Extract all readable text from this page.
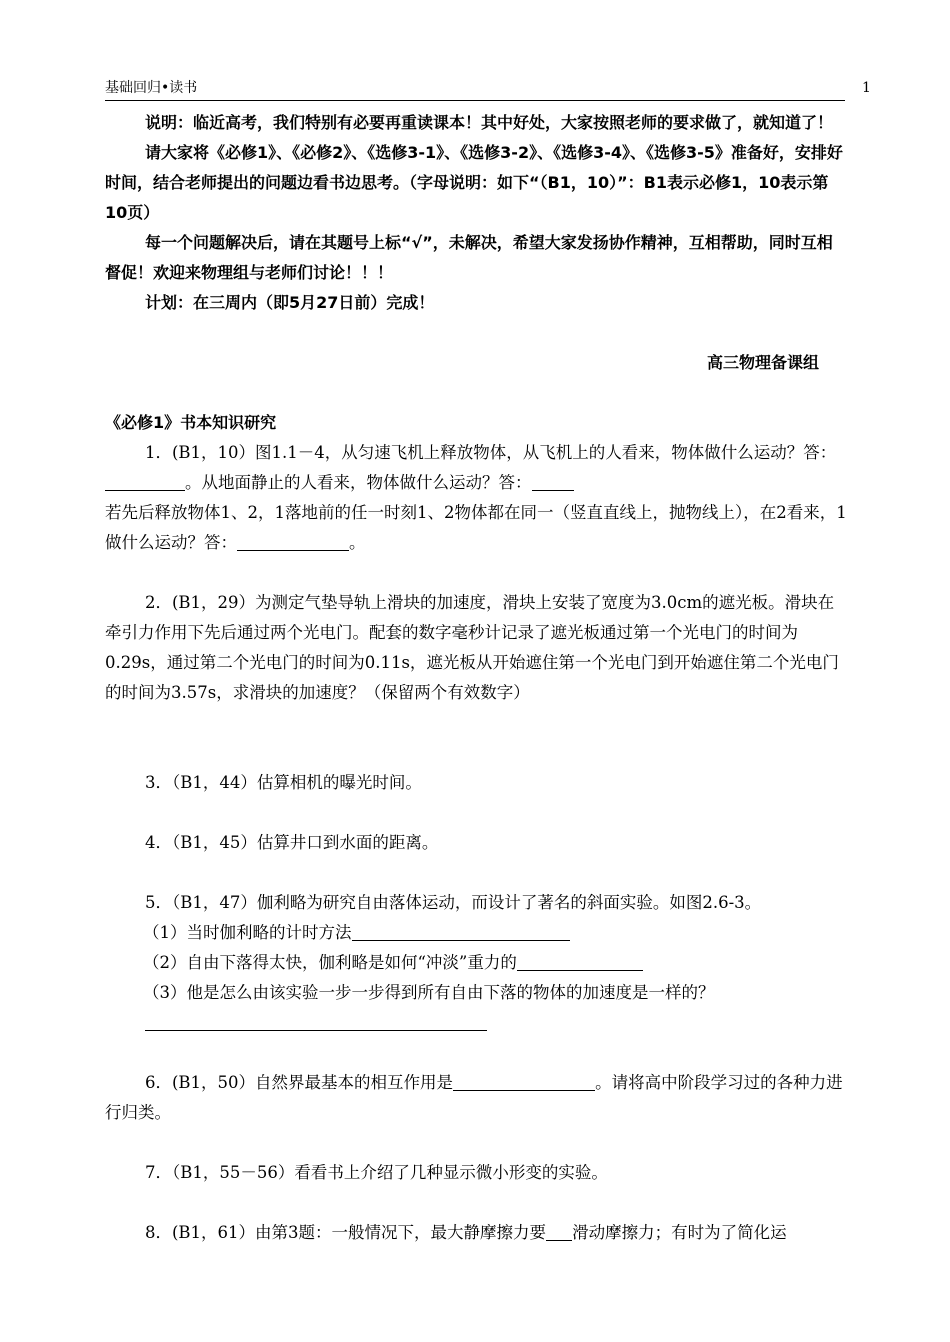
基础回归•读书	1

说明：临近高考，我们特别有必要再重读课本！其中好处，大家按照老师的要求做了，就知道了！

请大家将《必修1》、《必修2》、《选修3-1》、《选修3-2》、《选修3-4》、《选修3-5》准备好，安排好时间，结合老师提出的问题边看书边思考。（字母说明：如下“（B1，10）”：B1表示必修1，10表示第10页）

每一个问题解决后，请在其题号上标“√”，未解决，希望大家发扬协作精神，互相帮助，同时互相督促！欢迎来物理组与老师们讨论！！！

计划：在三周内（即5月27日前）完成！

高三物理备课组

《必修1》书本知识研究

1．(B1，10）图1.1－4，从匀速飞机上释放物体，从飞机上的人看来，物体做什么运动？答：。从地面静止的人看来，物体做什么运动？答：

若先后释放物体1、2，1落地前的任一时刻1、2物体都在同一（竖直直线上，抛物线上），在2看来，1做什么运动？答：	。

2．(B1，29）为测定气垫导轨上滑块的加速度，滑块上安装了宽度为3.0cm的遮光板。滑块在牵引力作用下先后通过两个光电门。配套的数字毫秒计记录了遮光板通过第一个光电门的时间为0.29s，通过第二个光电门的时间为0.11s，遮光板从开始遮住第一个光电门到开始遮住第二个光电门的时间为3.57s，求滑块的加速度？（保留两个有效数字）

3．（B1，44）估算相机的曝光时间。

4．（B1，45）估算井口到水面的距离。

5．（B1，47）伽利略为研究自由落体运动，而设计了著名的斜面实验。如图2.6-3。

（1）当时伽利略的计时方法

（2）自由下落得太快，伽利略是如何“冲淡”重力的

（3）他是怎么由该实验一步一步得到所有自由下落的物体的加速度是一样的？

6．(B1，50）自然界最基本的相互作用是	。请将高中阶段学习过的各种力进行归类。

7．（B1，55－56）看看书上介绍了几种显示微小形变的实验。

8．(B1，61）由第3题：一般情况下，最大静摩擦力要 滑动摩擦力；有时为了简化运
